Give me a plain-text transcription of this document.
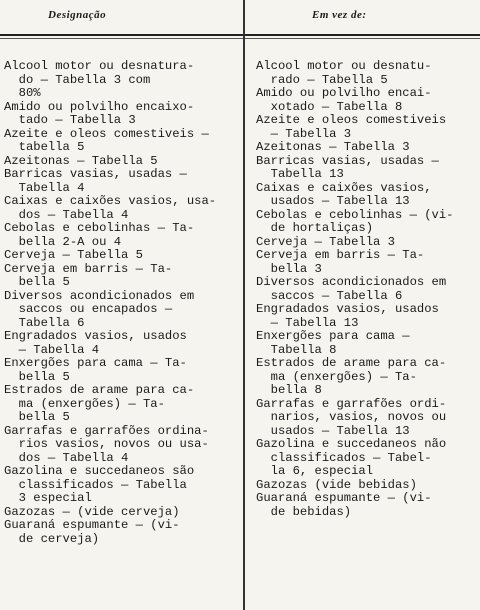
Designação	Em vez de:
Alcool motor ou desnatura-
do — Tabella 3 com
80%
Amido ou polvilho encaixo-
tado — Tabella 3
Azeite e oleos comestiveis —
tabella 5
Azeitonas — Tabella 5
Barricas vasias, usadas —
Tabella 4
Caixas e caixões vasios, usa-
dos — Tabella 4
Cebolas e cebolinhas — Ta-
bella 2-A ou 4
Cerveja — Tabella 5
Cerveja em barris — Ta-
bella 5
Diversos acondicionados em
saccos ou encapados —
Tabella 6
Engradados vasios, usados
— Tabella 4
Enxergões para cama — Ta-
bella 5
Estrados de arame para ca-
ma (enxergões) — Ta-
bella 5
Garrafas e garrafões ordina-
rios vasios, novos ou usa-
dos — Tabella 4
Gazolina e succedaneos são
classificados — Tabella
3 especial
Gazozas — (vide cerveja)
Guaraná espumante — (vi-
de cerveja)
Alcool motor ou desnatu-
rado — Tabella 5
Amido ou polvilho encai-
xotado — Tabella 8
Azeite e oleos comestiveis
— Tabella 3
Azeitonas — Tabella 3
Barricas vasias, usadas —
Tabella 13
Caixas e caixões vasios,
usados — Tabella 13
Cebolas e cebolinhas — (vi-
de hortaliças)
Cerveja — Tabella 3
Cerveja em barris — Ta-
bella 3
Diversos acondicionados em
saccos — Tabella 6
Engradados vasios, usados
— Tabella 13
Enxergões para cama —
Tabella 8
Estrados de arame para ca-
ma (enxergões) — Ta-
bella 8
Garrafas e garrafões ordi-
narios, vasios, novos ou
usados — Tabella 13
Gazolina e succedaneos não
classificados — Tabel-
la 6, especial
Gazozas (vide bebidas)
Guaraná espumante — (vi-
de bebidas)
